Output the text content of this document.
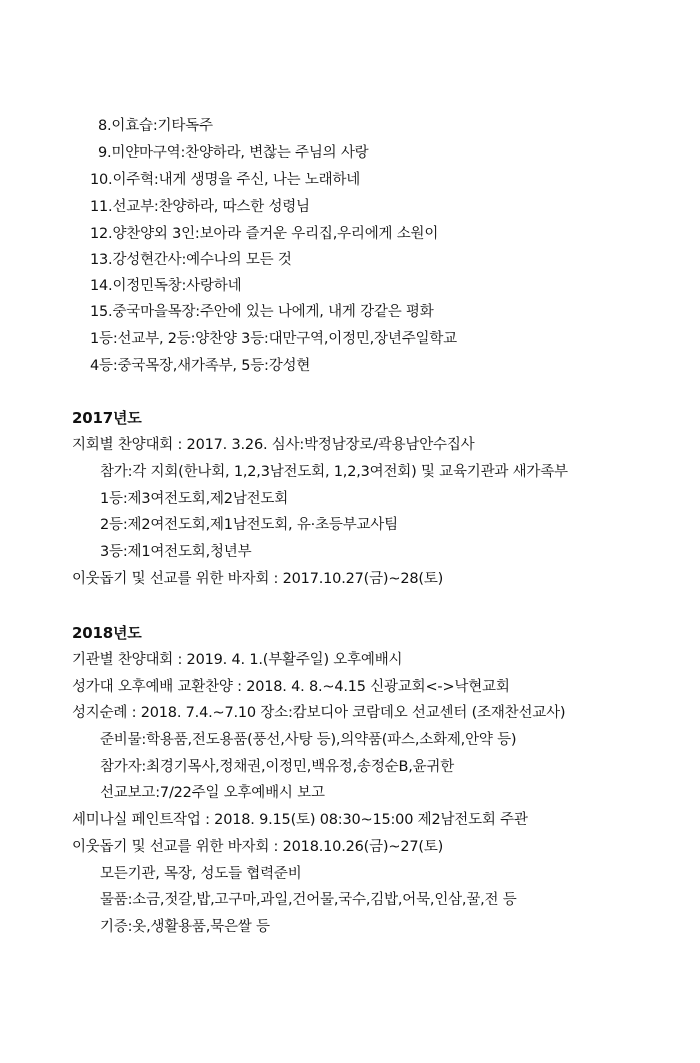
8.이효습:기타독주
9.미얀마구역:찬양하라, 변찮는 주님의 사랑
10.이주혁:내게 생명을 주신, 나는 노래하네
11.선교부:찬양하라, 따스한 성령님
12.양찬양외 3인:보아라 즐거운 우리집,우리에게 소원이
13.강성현간사:예수나의 모든 것
14.이정민독창:사랑하네
15.중국마을목장:주안에 있는 나에게, 내게 강같은 평화
1등:선교부, 2등:양찬양 3등:대만구역,이정민,장년주일학교
4등:중국목장,새가족부, 5등:강성현
2017년도
지회별 찬양대회 : 2017. 3.26. 심사:박정남장로/곽용남안수집사
참가:각 지회(한나회, 1,2,3남전도회, 1,2,3여전회) 및 교육기관과 새가족부
1등:제3여전도회,제2남전도회
2등:제2여전도회,제1남전도회, 유·초등부교사팀
3등:제1여전도회,청년부
이웃돕기 및 선교를 위한 바자회 : 2017.10.27(금)~28(토)
2018년도
기관별 찬양대회 : 2019. 4. 1.(부활주일) 오후예배시
성가대 오후예배 교환찬양 : 2018. 4. 8.~4.15 신광교회<->낙현교회
성지순례 : 2018. 7.4.~7.10 장소:캄보디아 코람데오 선교센터 (조재찬선교사)
준비물:학용품,전도용품(풍선,사탕 등),의약품(파스,소화제,안약 등)
참가자:최경기목사,정채권,이정민,백유정,송정순B,윤귀한
선교보고:7/22주일 오후예배시 보고
세미나실 페인트작업 : 2018. 9.15(토) 08:30~15:00 제2남전도회 주관
이웃돕기 및 선교를 위한 바자회 : 2018.10.26(금)~27(토)
모든기관, 목장, 성도들 협력준비
물품:소금,젓갈,밥,고구마,과일,건어물,국수,김밥,어묵,인삼,꿀,전 등
기증:옷,생활용품,묵은쌀 등
